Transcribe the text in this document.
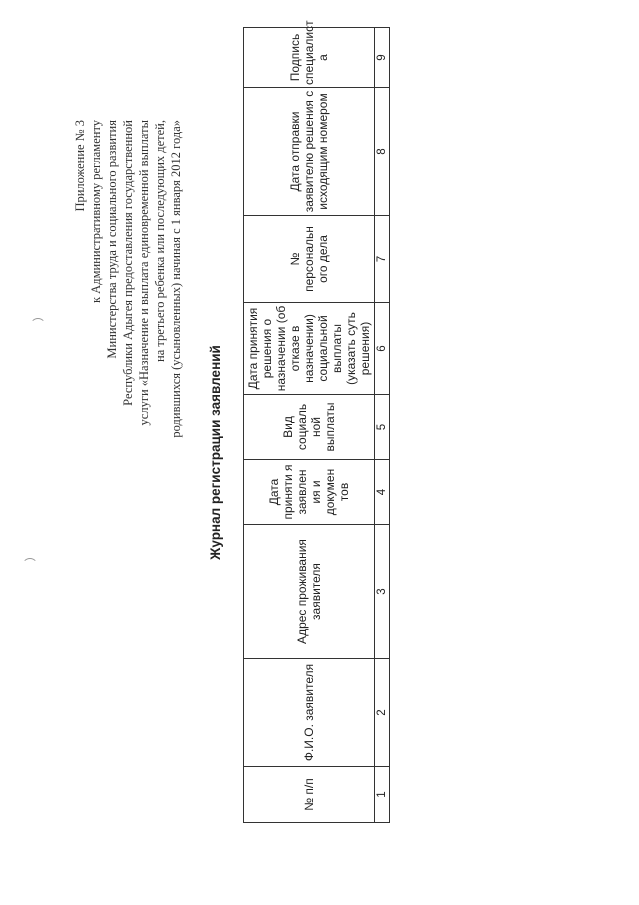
Приложение № 3 к Административному регламенту Министерства труда и социального развития Республики Адыгея предоставления государственной услуги «Назначение и выплата единовременной выплаты на третьего ребенка или последующих детей, родившихся (усыновленных) начиная с 1 января 2012 года»
Журнал регистрации заявлений
№ п/п	Ф.И.О. заявителя	Адрес проживания заявителя	Дата приняти я заявлен ия и докумен тов	Вид социаль ной выплаты	Дата принятия решения о назначении (об отказе в назначении) социальной выплаты (указать суть решения)	№ персональн ого дела	Дата отправки заявителю решения с исходящим номером	Подпись специалист а
1	2	3	4	5	6	7	8	9
